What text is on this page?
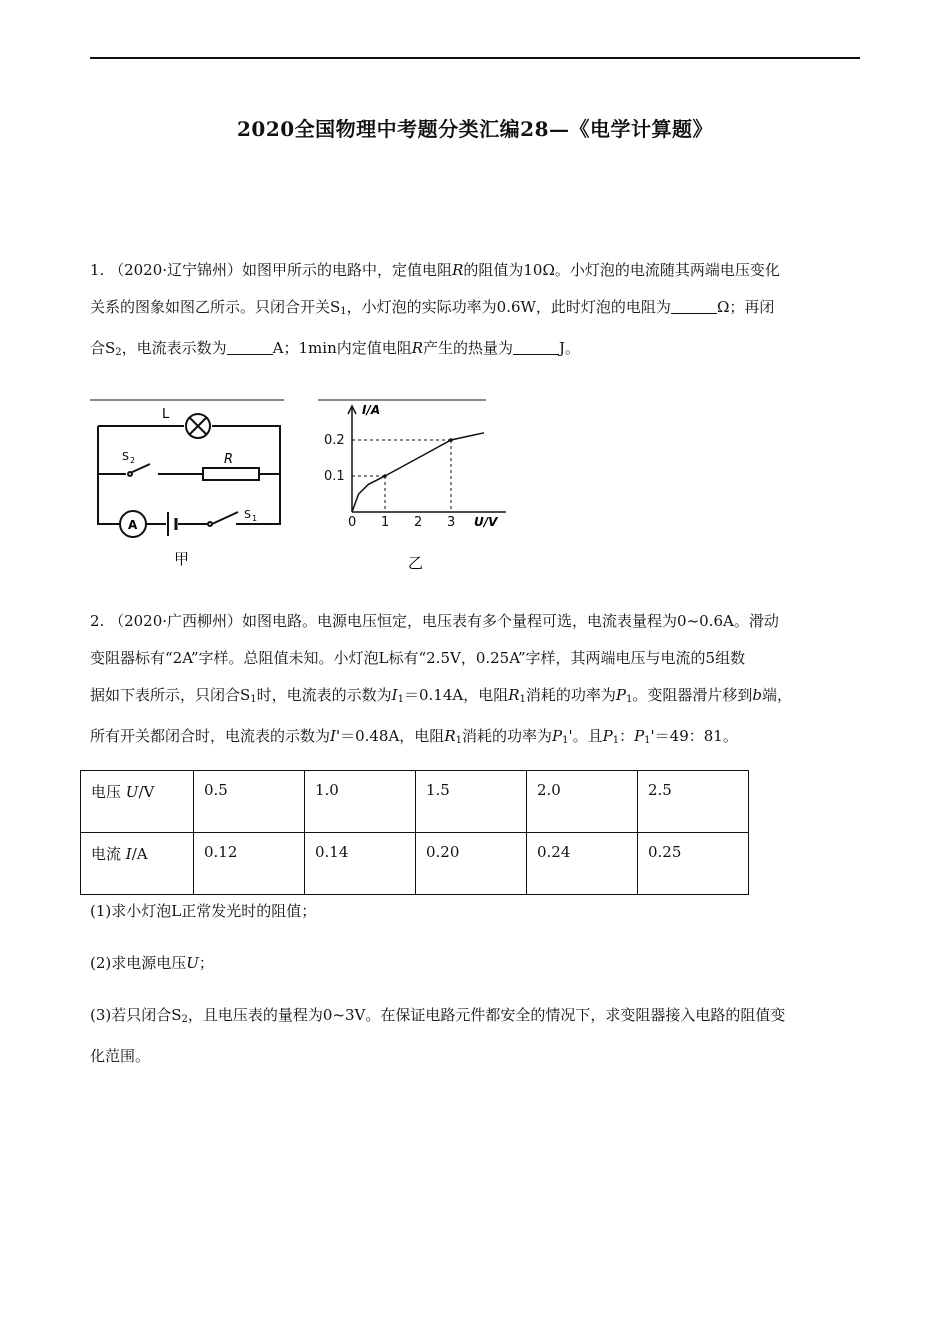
2020全国物理中考题分类汇编28—《电学计算题》
1. （2020·辽宁锦州）如图甲所示的电路中，定值电阻R的阻值为10Ω。小灯泡的电流随其两端电压变化
关系的图象如图乙所示。只闭合开关$S_1$，小灯泡的实际功率为0.6W，此时灯泡的电阻为	Ω；再闭
合$S_2$，电流表示数为	A；1min内定值电阻R产生的热量为	J。
L
S 2	R
A
S 1
甲
0 1 2 3
0.1
0.2
I/A
U/V
乙
2. （2020·广西柳州）如图电路。电源电压恒定，电压表有多个量程可选，电流表量程为0~0.6A。滑动
变阻器标有“2A”字样。总阻值未知。小灯泡L标有“2.5V，0.25A”字样，其两端电压与电流的5组数
据如下表所示，只闭合$S_1$时，电流表的示数为$I_1=0.14A$，电阻$R_1$消耗的功率为$P_1$。变阻器滑片移到b端，
所有开关都闭合时，电流表的示数为I'＝0.48A，电阻$R_1$消耗的功率为$P_1'$。且$P_1$：$P_1'=49$：81。
电压 U/V	0.5	1.0	1.5	2.0	2.5
电流 I/A	0.12	0.14	0.20	0.24	0.25
(1)求小灯泡L正常发光时的阻值；
(2)求电源电压U；
(3)若只闭合$S_2$，且电压表的量程为0~3V。在保证电路元件都安全的情况下，求变阻器接入电路的阻值变
化范围。
